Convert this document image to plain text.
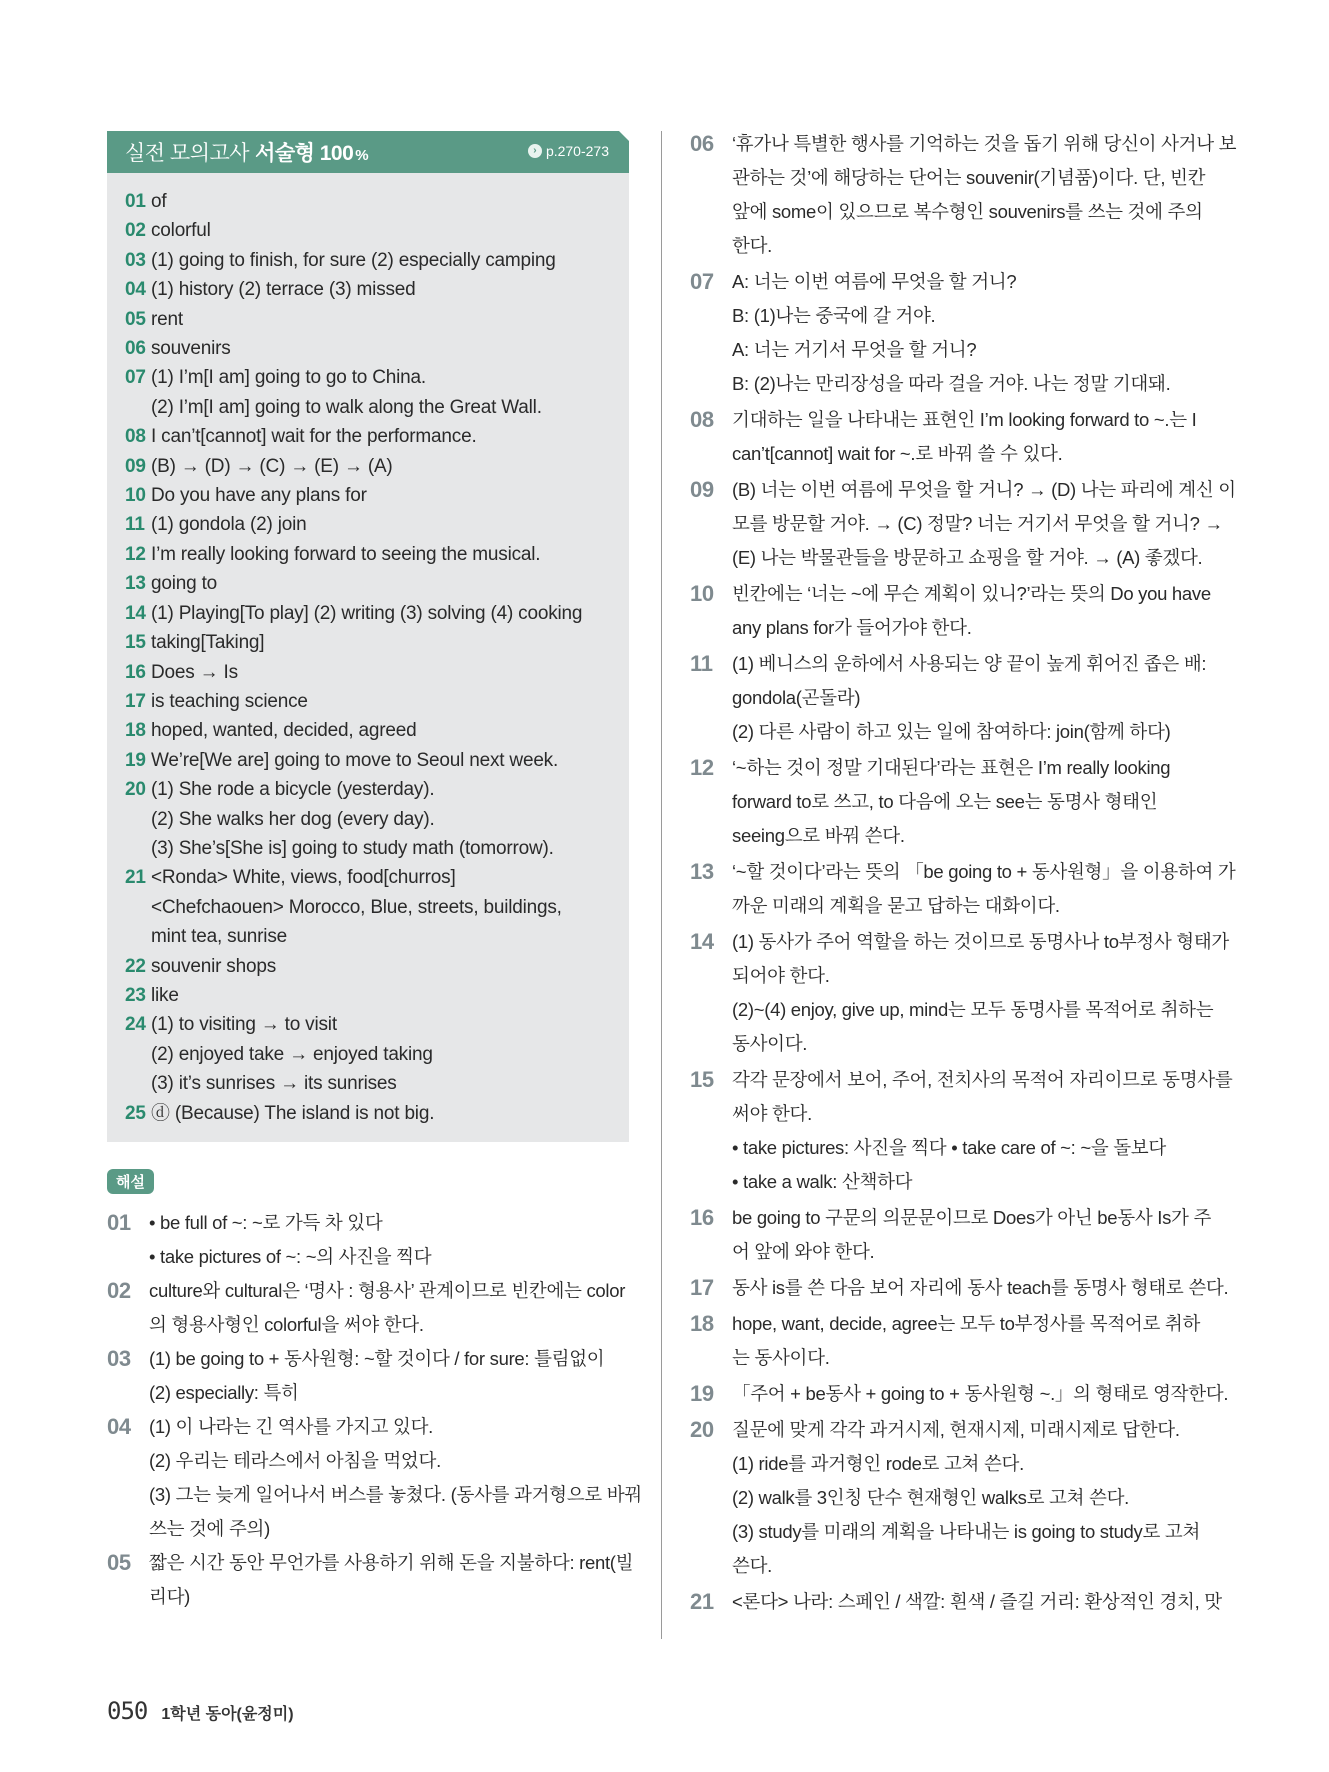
실전 모의고사 서술형 100 %	› p.270-273
01 of
02 colorful
03 (1) going to finish, for sure (2) especially camping
04 (1) history (2) terrace (3) missed
05 rent
06 souvenirs
07 (1) I’m[I am] going to go to China.
(2) I’m[I am] going to walk along the Great Wall.
08 I can’t[cannot] wait for the performance.
09 (B) → (D) → (C) → (E) → (A)
10 Do you have any plans for
11 (1) gondola (2) join
12 I’m really looking forward to seeing the musical.
13 going to
14 (1) Playing[To play] (2) writing (3) solving (4) cooking
15 taking[Taking]
16 Does → Is
17 is teaching science
18 hoped, wanted, decided, agreed
19 We’re[We are] going to move to Seoul next week.
20 (1) She rode a bicycle (yesterday).
(2) She walks her dog (every day).
(3) She’s[She is] going to study math (tomorrow).
21 <Ronda> White, views, food[churros]
<Chefchaouen> Morocco, Blue, streets, buildings,
mint tea, sunrise
22 souvenir shops
23 like
24 (1) to visiting → to visit
(2) enjoyed take → enjoyed taking
(3) it’s sunrises → its sunrises
25 ⓓ (Because) The island is not big.
해설
01 • be full of ~: ~로 가득 차 있다
• take pictures of ~: ~의 사진을 찍다
02 culture와 cultural은 ‘명사 : 형용사’ 관계이므로 빈칸에는 color
의 형용사형인 colorful을 써야 한다.
03 (1) be going to + 동사원형: ~할 것이다 / for sure: 틀림없이
(2) especially: 특히
04 (1) 이 나라는 긴 역사를 가지고 있다.
(2) 우리는 테라스에서 아침을 먹었다.
(3) 그는 늦게 일어나서 버스를 놓쳤다. (동사를 과거형으로 바꿔
쓰는 것에 주의)
05 짧은 시간 동안 무언가를 사용하기 위해 돈을 지불하다: rent(빌
리다)
06 ‘휴가나 특별한 행사를 기억하는 것을 돕기 위해 당신이 사거나 보
관하는 것’에 해당하는 단어는 souvenir(기념품)이다. 단, 빈칸
앞에 some이 있으므로 복수형인 souvenirs를 쓰는 것에 주의
한다.
07 A: 너는 이번 여름에 무엇을 할 거니?
B: (1)나는 중국에 갈 거야.
A: 너는 거기서 무엇을 할 거니?
B: (2)나는 만리장성을 따라 걸을 거야. 나는 정말 기대돼.
08 기대하는 일을 나타내는 표현인 I’m looking forward to ~.는 I
can’t[cannot] wait for ~.로 바꿔 쓸 수 있다.
09 (B) 너는 이번 여름에 무엇을 할 거니? → (D) 나는 파리에 계신 이
모를 방문할 거야. → (C) 정말? 너는 거기서 무엇을 할 거니? →
(E) 나는 박물관들을 방문하고 쇼핑을 할 거야. → (A) 좋겠다.
10 빈칸에는 ‘너는 ~에 무슨 계획이 있니?’라는 뜻의 Do you have
any plans for가 들어가야 한다.
11	(1) 베니스의 운하에서 사용되는 양 끝이 높게 휘어진 좁은 배:
gondola(곤돌라)
(2) 다른 사람이 하고 있는 일에 참여하다: join(함께 하다)
12 ‘~하는 것이 정말 기대된다’라는 표현은 I’m really looking
forward to로 쓰고, to 다음에 오는 see는 동명사 형태인
seeing으로 바꿔 쓴다.
13 ‘~할 것이다’라는 뜻의 「be going to + 동사원형」을 이용하여 가
까운 미래의 계획을 묻고 답하는 대화이다.
14 (1) 동사가 주어 역할을 하는 것이므로 동명사나 to부정사 형태가
되어야 한다.
(2)~(4) enjoy, give up, mind는 모두 동명사를 목적어로 취하는
동사이다.
15 각각 문장에서 보어, 주어, 전치사의 목적어 자리이므로 동명사를
써야 한다.
• take pictures: 사진을 찍다 • take care of ~: ~을 돌보다
• take a walk: 산책하다
16 be going to 구문의 의문문이므로 Does가 아닌 be동사 Is가 주
어 앞에 와야 한다.
17 동사 is를 쓴 다음 보어 자리에 동사 teach를 동명사 형태로 쓴다.
18 hope, want, decide, agree는 모두 to부정사를 목적어로 취하
는 동사이다.
19 「주어 + be동사 + going to + 동사원형 ~.」의 형태로 영작한다.
20 질문에 맞게 각각 과거시제, 현재시제, 미래시제로 답한다.
(1) ride를 과거형인 rode로 고쳐 쓴다.
(2) walk를 3인칭 단수 현재형인 walks로 고쳐 쓴다.
(3) study를 미래의 계획을 나타내는 is going to study로 고쳐
쓴다.
21 <론다> 나라: 스페인 / 색깔: 흰색 / 즐길 거리: 환상적인 경치, 맛
050 1학년 동아(윤정미)
